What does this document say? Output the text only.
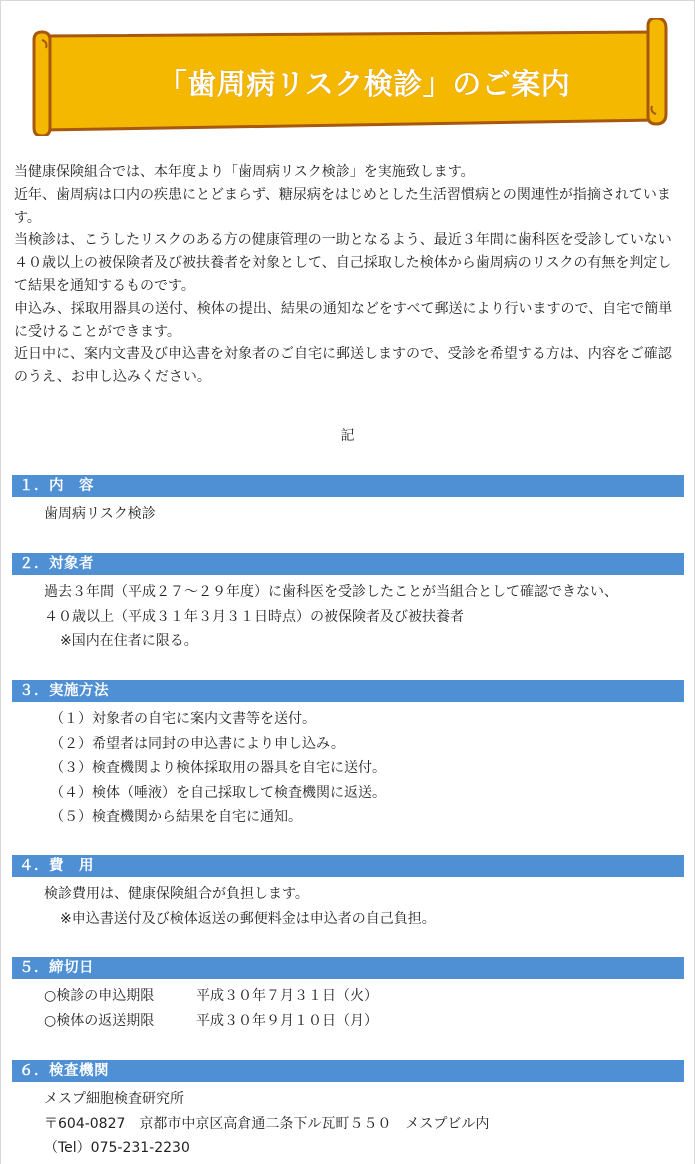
「歯周病リスク検診」のご案内

当健康保険組合では、本年度より「歯周病リスク検診」を実施致します。

近年、歯周病は口内の疾患にとどまらず、糖尿病をはじめとした生活習慣病との関連性が指摘されています。

当検診は、こうしたリスクのある方の健康管理の一助となるよう、最近３年間に歯科医を受診していない４０歳以上の被保険者及び被扶養者を対象として、自己採取した検体から歯周病のリスクの有無を判定して結果を通知するものです。

申込み、採取用器具の送付、検体の提出、結果の通知などをすべて郵送により行いますので、自宅で簡単に受けることができます。

近日中に、案内文書及び申込書を対象者のご自宅に郵送しますので、受診を希望する方は、内容をご確認のうえ、お申し込みください。

記
１．内　容
歯周病リスク検診
２．対象者
過去３年間（平成２７～２９年度）に歯科医を受診したことが当組合として確認できない、
４０歳以上（平成３１年３月３１日時点）の被保険者及び被扶養者
※国内在住者に限る。
３．実施方法
（１）対象者の自宅に案内文書等を送付。
（２）希望者は同封の申込書により申し込み。
（３）検査機関より検体採取用の器具を自宅に送付。
（４）検体（唾液）を自己採取して検査機関に返送。
（５）検査機関から結果を自宅に通知。
４．費　用
検診費用は、健康保険組合が負担します。
※申込書送付及び検体返送の郵便料金は申込者の自己負担。
５．締切日
○検診の申込期限	平成３０年７月３１日（火）
○検体の返送期限	平成３０年９月１０日（月）
６．検査機関
メスプ細胞検査研究所
〒604-0827　京都市中京区高倉通二条下ル瓦町５５０　メスプビル内
（Tel）075-231-2230
